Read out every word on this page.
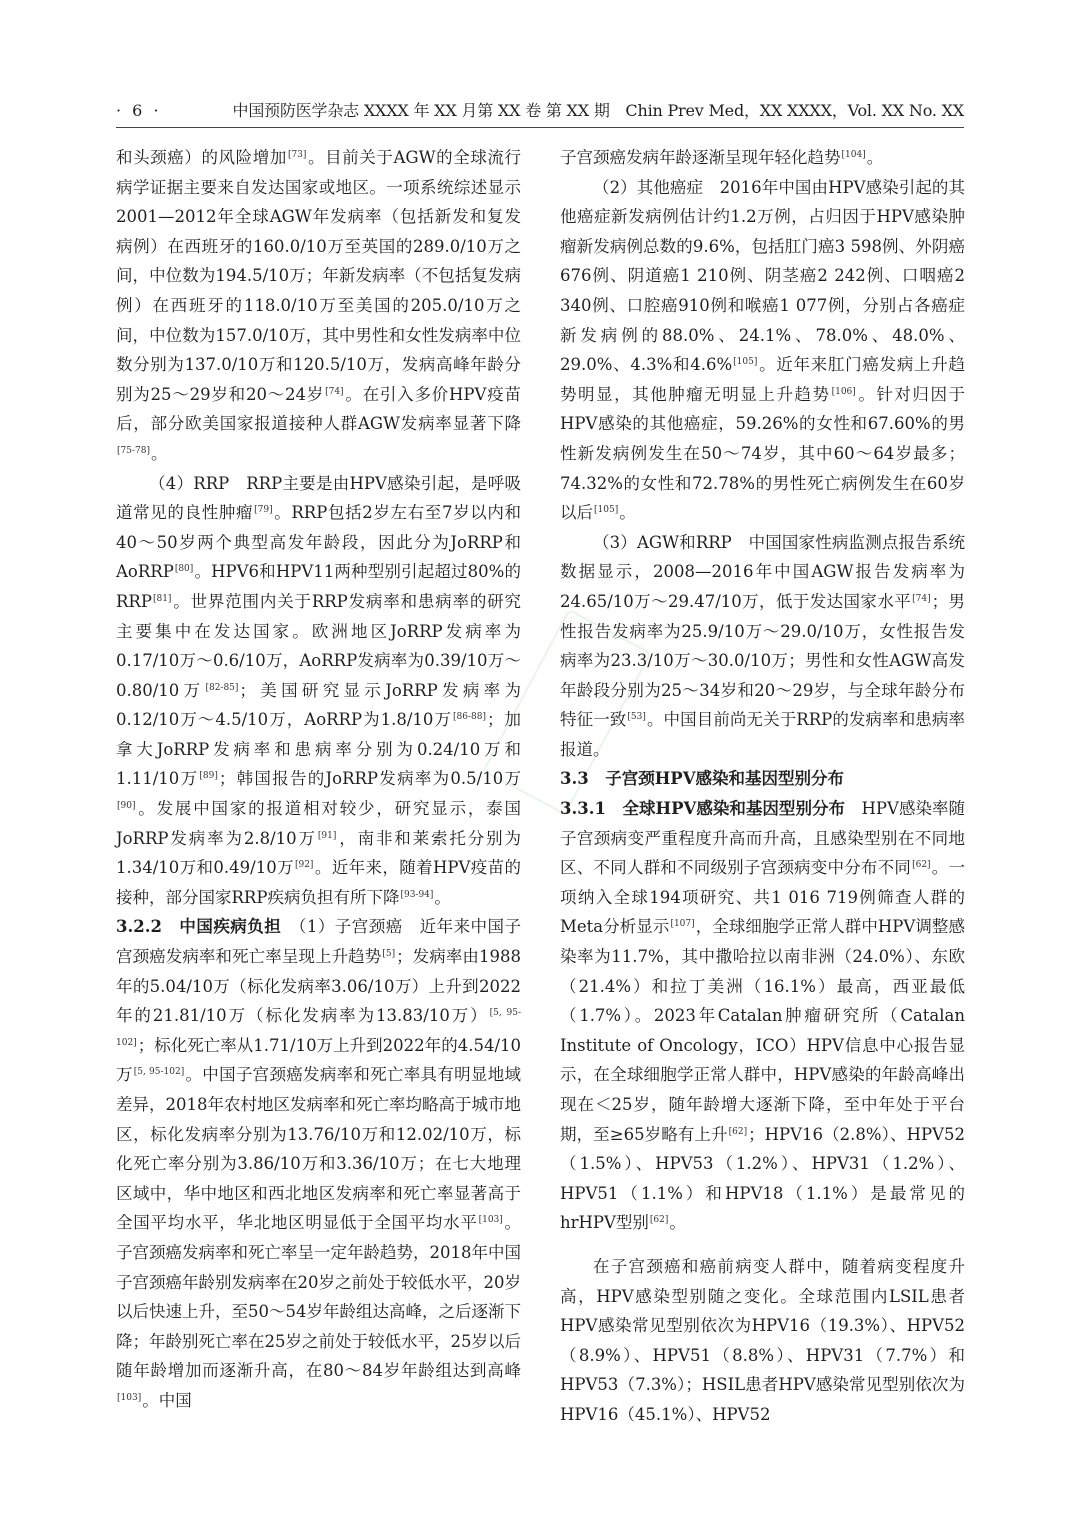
· 6 ·	中国预防医学杂志 XXXX 年 XX 月第 XX 卷 第 XX 期　Chin Prev Med，XX XXXX，Vol. XX No. XX

和头颈癌）的风险增加[73]。目前关于AGW的全球流行病学证据主要来自发达国家或地区。一项系统综述显示2001—2012年全球AGW年发病率（包括新发和复发病例）在西班牙的160.0/10万至英国的289.0/10万之间，中位数为194.5/10万；年新发病率（不包括复发病例）在西班牙的118.0/10万至美国的205.0/10万之间，中位数为157.0/10万，其中男性和女性发病率中位数分别为137.0/10万和120.5/10万，发病高峰年龄分别为25～29岁和20～24岁[74]。在引入多价HPV疫苗后，部分欧美国家报道接种人群AGW发病率显著下降[75-78]。

（4）RRP　RRP主要是由HPV感染引起，是呼吸道常见的良性肿瘤[79]。RRP包括2岁左右至7岁以内和40～50岁两个典型高发年龄段，因此分为JoRRP和AoRRP[80]。HPV6和HPV11两种型别引起超过80%的RRP[81]。世界范围内关于RRP发病率和患病率的研究主要集中在发达国家。欧洲地区JoRRP发病率为0.17/10万～0.6/10万，AoRRP发病率为0.39/10万～0.80/10万[82-85]；美国研究显示JoRRP发病率为0.12/10万～4.5/10万，AoRRP为1.8/10万[86-88]；加拿大JoRRP发病率和患病率分别为0.24/10万和1.11/10万[89]；韩国报告的JoRRP发病率为0.5/10万[90]。发展中国家的报道相对较少，研究显示，泰国JoRRP发病率为2.8/10万[91]，南非和莱索托分别为1.34/10万和0.49/10万[92]。近年来，随着HPV疫苗的接种，部分国家RRP疾病负担有所下降[93-94]。

3.2.2　 中国疾病负担　 （1）子宫颈癌　近年来中国子宫颈癌发病率和死亡率呈现上升趋势[5]；发病率由1988年的5.04/10万（标化发病率3.06/10万）上升到2022年的21.81/10万（标化发病率为13.83/10万）[5, 95-102]；标化死亡率从1.71/10万上升到2022年的4.54/10万[5, 95-102]。中国子宫颈癌发病率和死亡率具有明显地域差异，2018年农村地区发病率和死亡率均略高于城市地区，标化发病率分别为13.76/10万和12.02/10万，标化死亡率分别为3.86/10万和3.36/10万；在七大地理区域中，华中地区和西北地区发病率和死亡率显著高于全国平均水平，华北地区明显低于全国平均水平[103]。子宫颈癌发病率和死亡率呈一定年龄趋势，2018年中国子宫颈癌年龄别发病率在20岁之前处于较低水平，20岁以后快速上升，至50～54岁年龄组达高峰，之后逐渐下降；年龄别死亡率在25岁之前处于较低水平，25岁以后随年龄增加而逐渐升高，在80～84岁年龄组达到高峰[103]。中国

子宫颈癌发病年龄逐渐呈现年轻化趋势[104]。

（2）其他癌症　2016年中国由HPV感染引起的其他癌症新发病例估计约1.2万例，占归因于HPV感染肿瘤新发病例总数的9.6%，包括肛门癌3 598例、外阴癌676例、阴道癌1 210例、阴茎癌2 242例、口咽癌2 340例、口腔癌910例和喉癌1 077例，分别占各癌症新发病例的88.0%、24.1%、78.0%、48.0%、29.0%、4.3%和4.6%[105]。近年来肛门癌发病上升趋势明显，其他肿瘤无明显上升趋势[106]。针对归因于HPV感染的其他癌症，59.26%的女性和67.60%的男性新发病例发生在50～74岁，其中60～64岁最多；74.32%的女性和72.78%的男性死亡病例发生在60岁以后[105]。

（3）AGW和RRP　中国国家性病监测点报告系统数据显示，2008—2016年中国AGW报告发病率为24.65/10万～29.47/10万，低于发达国家水平[74]；男性报告发病率为25.9/10万～29.0/10万，女性报告发病率为23.3/10万～30.0/10万；男性和女性AGW高发年龄段分别为25～34岁和20～29岁，与全球年龄分布特征一致[53]。中国目前尚无关于RRP的发病率和患病率报道。

3.3　子宫颈HPV感染和基因型别分布

3.3.1　 全球HPV感染和基因型别分布　HPV感染率随子宫颈病变严重程度升高而升高，且感染型别在不同地区、不同人群和不同级别子宫颈病变中分布不同[62]。一项纳入全球194项研究、共1 016 719例筛查人群的Meta分析显示[107]，全球细胞学正常人群中HPV调整感染率为11.7%，其中撒哈拉以南非洲（24.0%）、东欧（21.4%）和拉丁美洲（16.1%）最高，西亚最低（1.7%）。2023年Catalan肿瘤研究所（Catalan Institute of Oncology，ICO）HPV信息中心报告显示，在全球细胞学正常人群中，HPV感染的年龄高峰出现在＜25岁，随年龄增大逐渐下降，至中年处于平台期，至≥65岁略有上升[62]；HPV16（2.8%）、HPV52（1.5%）、HPV53（1.2%）、HPV31（1.2%）、HPV51（1.1%）和HPV18（1.1%）是最常见的hrHPV型别[62]。

在子宫颈癌和癌前病变人群中，随着病变程度升高，HPV感染型别随之变化。全球范围内LSIL患者HPV感染常见型别依次为HPV16（19.3%）、HPV52（8.9%）、HPV51（8.8%）、HPV31（7.7%）和HPV53（7.3%）；HSIL患者HPV感染常见型别依次为HPV16（45.1%）、HPV52
